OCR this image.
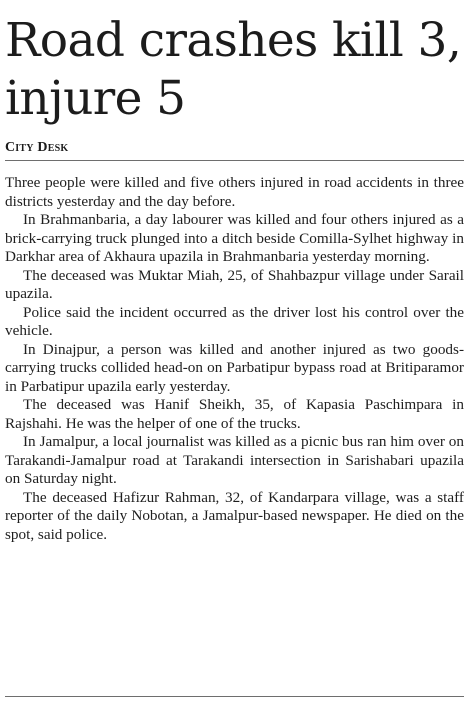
Road crashes kill 3, injure 5
City Desk

Three people were killed and five others injured in road accidents in three districts yesterday and the day before.

In Brahmanbaria, a day labourer was killed and four others injured as a brick-carrying truck plunged into a ditch beside Comilla-Sylhet highway in Darkhar area of Akhaura upazila in Brahmanbaria yesterday morning.

The deceased was Muktar Miah, 25, of Shahbazpur village under Sarail upazila.

Police said the incident occurred as the driver lost his control over the vehicle.

In Dinajpur, a person was killed and another injured as two goods-carrying trucks collided head-on on Parbatipur bypass road at Britiparamor in Parbatipur upazila early yesterday.

The deceased was Hanif Sheikh, 35, of Kapasia Paschimpara in Rajshahi. He was the helper of one of the trucks.

In Jamalpur, a local journalist was killed as a picnic bus ran him over on Tarakandi-Jamalpur road at Tarakandi intersection in Sarishabari upazila on Saturday night.

The deceased Hafizur Rahman, 32, of Kandarpara village, was a staff reporter of the daily Nobotan, a Jamalpur-based newspaper. He died on the spot, said police.
